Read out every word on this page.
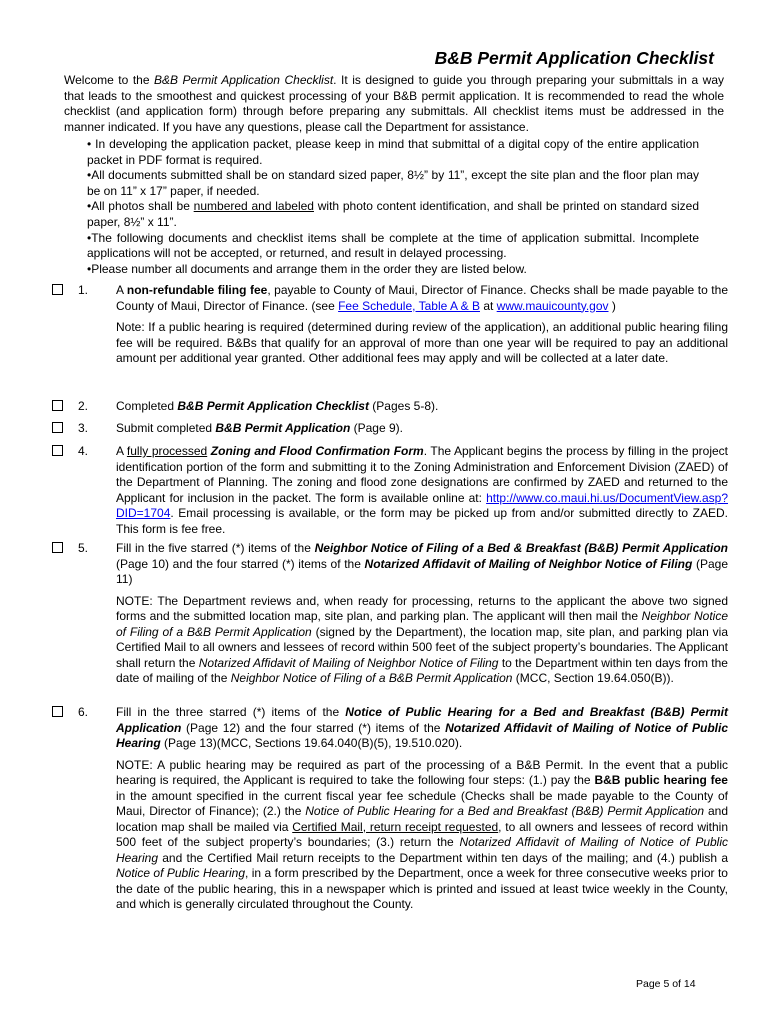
B&B Permit Application Checklist
Welcome to the B&B Permit Application Checklist. It is designed to guide you through preparing your submittals in a way that leads to the smoothest and quickest processing of your B&B permit application. It is recommended to read the whole checklist (and application form) through before preparing any submittals. All checklist items must be addressed in the manner indicated. If you have any questions, please call the Department for assistance.

• In developing the application packet, please keep in mind that submittal of a digital copy of the entire application packet in PDF format is required.

•All documents submitted shall be on standard sized paper, 8½” by 11”, except the site plan and the floor plan may be on 11” x 17” paper, if needed.

•All photos shall be numbered and labeled with photo content identification, and shall be printed on standard sized paper, 8½” x 11”.

•The following documents and checklist items shall be complete at the time of application submittal. Incomplete applications will not be accepted, or returned, and result in delayed processing.

•Please number all documents and arrange them in the order they are listed below.

1. A non-refundable filing fee, payable to County of Maui, Director of Finance. Checks shall be made payable to the County of Maui, Director of Finance. (see Fee Schedule, Table A & B at www.mauicounty.gov )

Note: If a public hearing is required (determined during review of the application), an additional public hearing filing fee will be required. B&Bs that qualify for an approval of more than one year will be required to pay an additional amount per additional year granted. Other additional fees may apply and will be collected at a later date.

2. Completed B&B Permit Application Checklist (Pages 5-8).
3. Submit completed B&B Permit Application (Page 9).
4. A fully processed Zoning and Flood Confirmation Form. The Applicant begins the process by filling in the project identification portion of the form and submitting it to the Zoning Administration and Enforcement Division (ZAED) of the Department of Planning. The zoning and flood zone designations are confirmed by ZAED and returned to the Applicant for inclusion in the packet. The form is available online at: http://www.co.maui.hi.us/DocumentView.asp?DID=1704. Email processing is available, or the form may be picked up from and/or submitted directly to ZAED. This form is fee free.
5. Fill in the five starred (*) items of the Neighbor Notice of Filing of a Bed & Breakfast (B&B) Permit Application (Page 10) and the four starred (*) items of the Notarized Affidavit of Mailing of Neighbor Notice of Filing (Page 11)

NOTE: The Department reviews and, when ready for processing, returns to the applicant the above two signed forms and the submitted location map, site plan, and parking plan. The applicant will then mail the Neighbor Notice of Filing of a B&B Permit Application (signed by the Department), the location map, site plan, and parking plan via Certified Mail to all owners and lessees of record within 500 feet of the subject property’s boundaries. The Applicant shall return the Notarized Affidavit of Mailing of Neighbor Notice of Filing to the Department within ten days from the date of mailing of the Neighbor Notice of Filing of a B&B Permit Application (MCC, Section 19.64.050(B)).

6. Fill in the three starred (*) items of the Notice of Public Hearing for a Bed and Breakfast (B&B) Permit Application (Page 12) and the four starred (*) items of the Notarized Affidavit of Mailing of Notice of Public Hearing (Page 13)(MCC, Sections 19.64.040(B)(5), 19.510.020).

NOTE: A public hearing may be required as part of the processing of a B&B Permit. In the event that a public hearing is required, the Applicant is required to take the following four steps: (1.) pay the B&B public hearing fee in the amount specified in the current fiscal year fee schedule (Checks shall be made payable to the County of Maui, Director of Finance); (2.) the Notice of Public Hearing for a Bed and Breakfast (B&B) Permit Application and location map shall be mailed via Certified Mail, return receipt requested, to all owners and lessees of record within 500 feet of the subject property’s boundaries; (3.) return the Notarized Affidavit of Mailing of Notice of Public Hearing and the Certified Mail return receipts to the Department within ten days of the mailing; and (4.) publish a Notice of Public Hearing, in a form prescribed by the Department, once a week for three consecutive weeks prior to the date of the public hearing, this in a newspaper which is printed and issued at least twice weekly in the County, and which is generally circulated throughout the County.

Page 5 of 14
